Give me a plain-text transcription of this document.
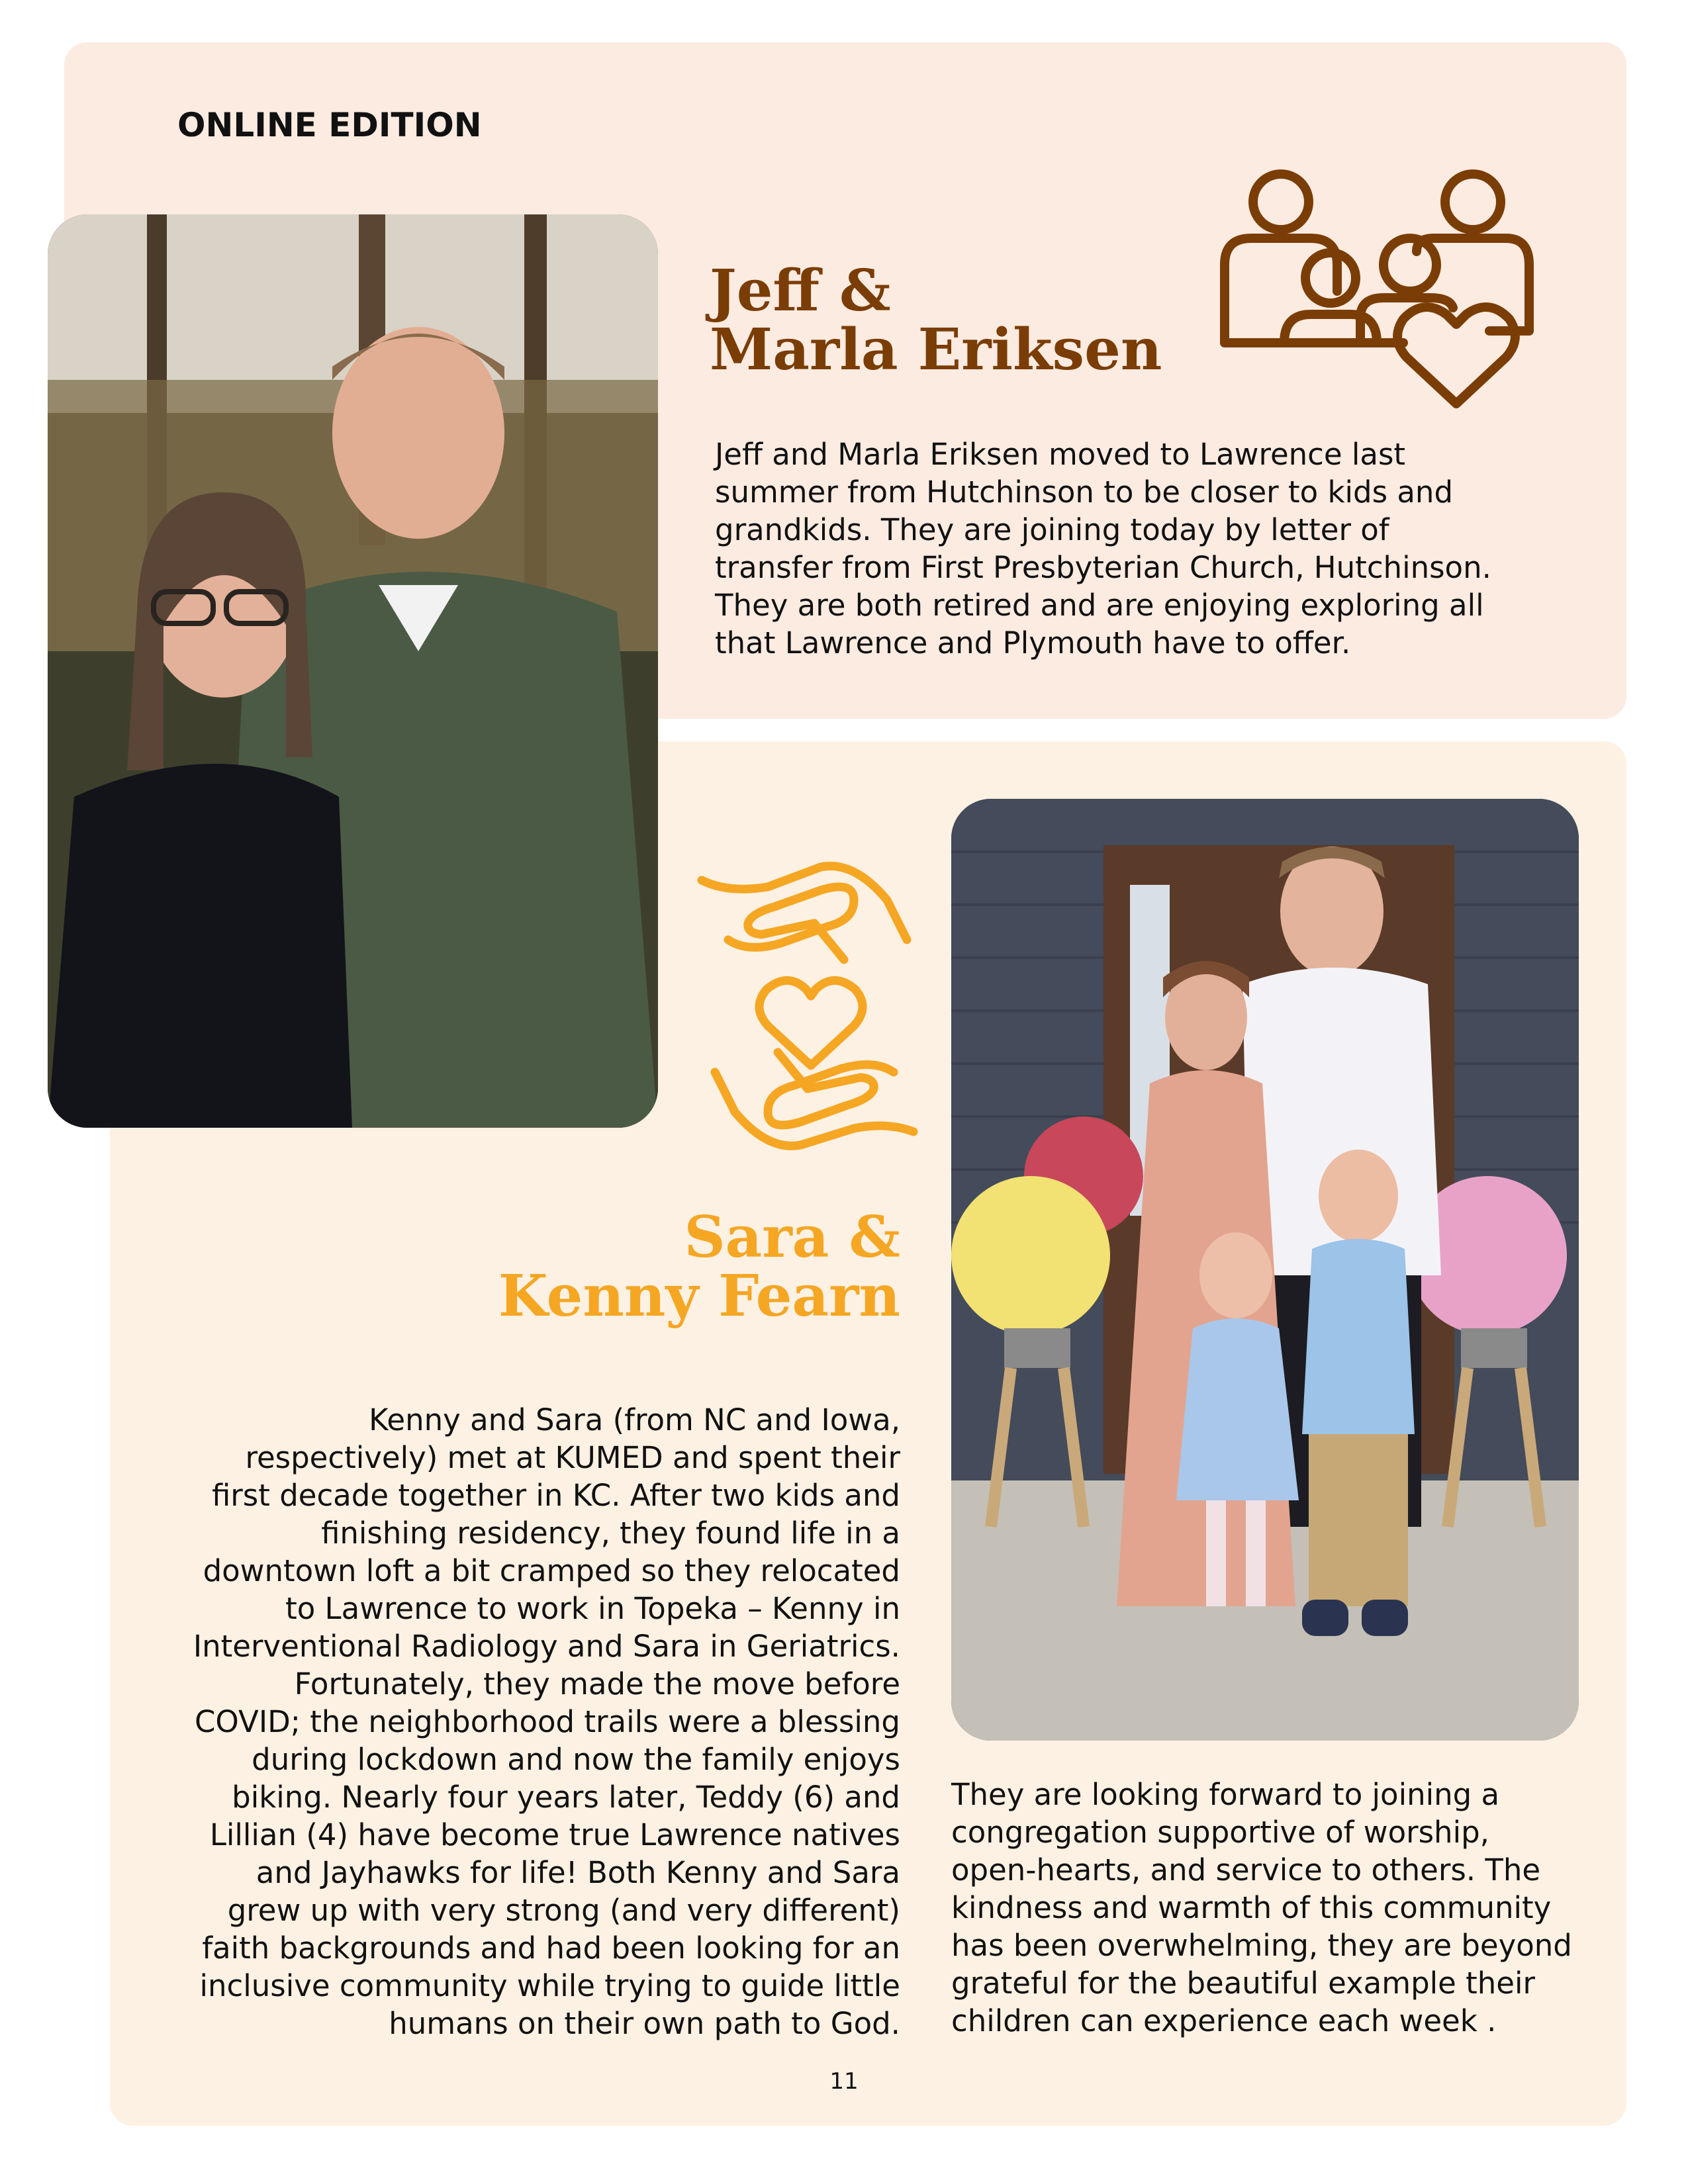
ONLINE EDITION
Jeff &
Marla Eriksen
Jeff and Marla Eriksen moved to Lawrence last
summer from Hutchinson to be closer to kids and
grandkids. They are joining today by letter of
transfer from First Presbyterian Church, Hutchinson.
They are both retired and are enjoying exploring all
that Lawrence and Plymouth have to offer.
Sara &
Kenny Fearn
Kenny and Sara (from NC and Iowa,
respectively) met at KUMED and spent their
first decade together in KC. After two kids and
finishing residency, they found life in a
downtown loft a bit cramped so they relocated
to Lawrence to work in Topeka – Kenny in
Interventional Radiology and Sara in Geriatrics.
Fortunately, they made the move before
COVID; the neighborhood trails were a blessing
during lockdown and now the family enjoys
biking. Nearly four years later, Teddy (6) and
Lillian (4) have become true Lawrence natives
and Jayhawks for life! Both Kenny and Sara
grew up with very strong (and very different)
faith backgrounds and had been looking for an
inclusive community while trying to guide little
humans on their own path to God.
They are looking forward to joining a
congregation supportive of worship,
open-hearts, and service to others. The
kindness and warmth of this community
has been overwhelming, they are beyond
grateful for the beautiful example their
children can experience each week .
11
